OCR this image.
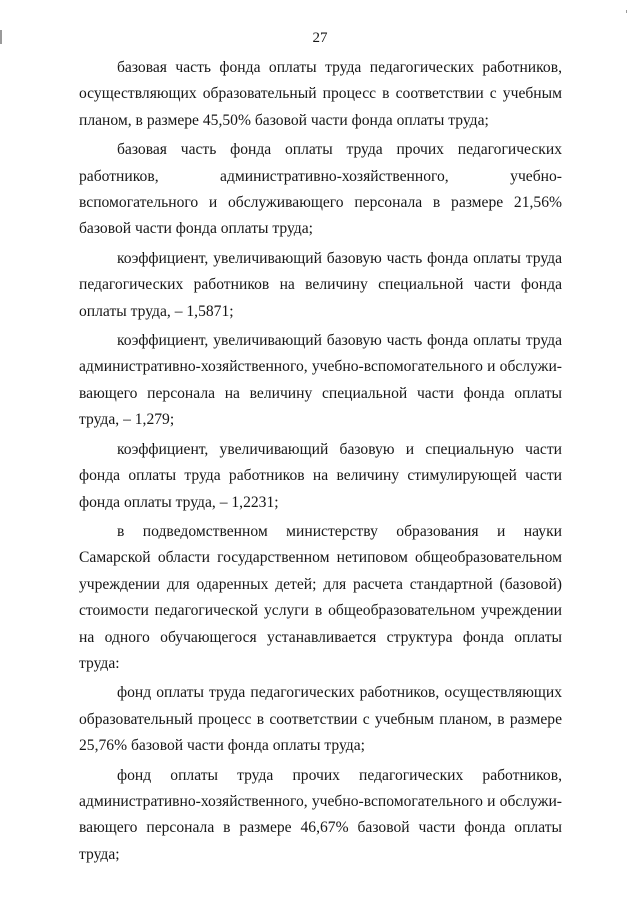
27

базовая часть фонда оплаты труда педагогических работников, осуществляющих образовательный процесс в соответствии с учебным планом, в размере 45,50% базовой части фонда оплаты труда;

базовая часть фонда оплаты труда прочих педагогических работников, административно-хозяйственного, учебно-вспомогательного и обслуживающего персонала в размере 21,56% базовой части фонда оплаты труда;

коэффициент, увеличивающий базовую часть фонда оплаты труда педагогических работников на величину специальной части фонда оплаты труда, – 1,5871;

коэффициент, увеличивающий базовую часть фонда оплаты труда административно-хозяйственного, учебно-вспомогательного и обслуживающего персонала на величину специальной части фонда оплаты труда, – 1,279;

коэффициент, увеличивающий базовую и специальную части фонда оплаты труда работников на величину стимулирующей части фонда оплаты труда, – 1,2231;

в подведомственном министерству образования и науки Самарской области государственном нетиповом общеобразовательном учреждении для одаренных детей; для расчета стандартной (базовой) стоимости педагогической услуги в общеобразовательном учреждении на одного обучающегося устанавливается структура фонда оплаты труда:

фонд оплаты труда педагогических работников, осуществляющих образовательный процесс в соответствии с учебным планом, в размере 25,76% базовой части фонда оплаты труда;

фонд оплаты труда прочих педагогических работников, административно-хозяйственного, учебно-вспомогательного и обслуживающего персонала в размере 46,67% базовой части фонда оплаты труда;
